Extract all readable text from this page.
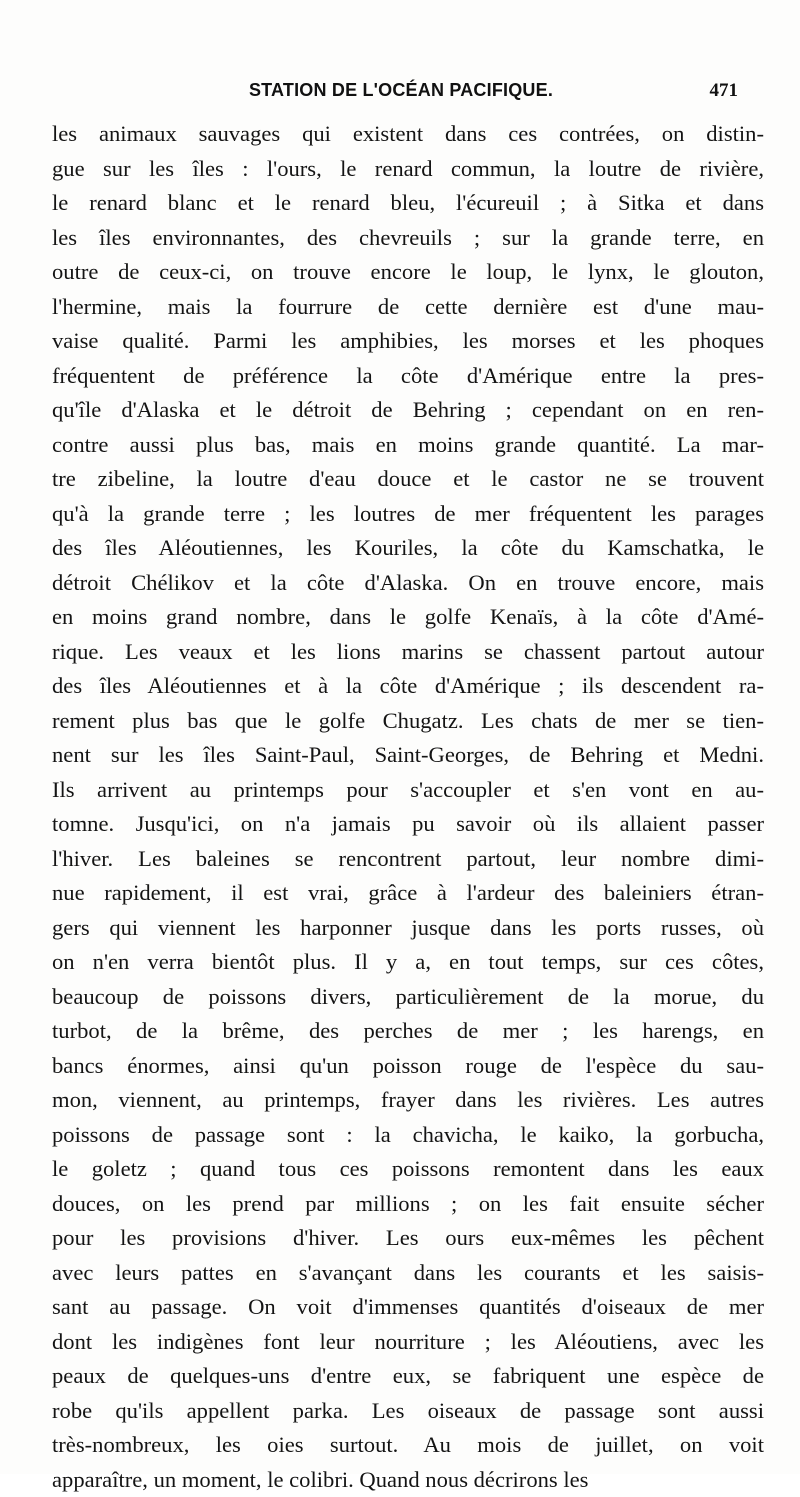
STATION DE L'OCÉAN PACIFIQUE.	471
les animaux sauvages qui existent dans ces contrées, on distin-
gue sur les îles : l'ours, le renard commun, la loutre de rivière,
le renard blanc et le renard bleu, l'écureuil ; à Sitka et dans
les îles environnantes, des chevreuils ; sur la grande terre, en
outre de ceux-ci, on trouve encore le loup, le lynx, le glouton,
l'hermine, mais la fourrure de cette dernière est d'une mau-
vaise qualité. Parmi les amphibies, les morses et les phoques
fréquentent de préférence la côte d'Amérique entre la pres-
qu'île d'Alaska et le détroit de Behring ; cependant on en ren-
contre aussi plus bas, mais en moins grande quantité. La mar-
tre zibeline, la loutre d'eau douce et le castor ne se trouvent
qu'à la grande terre ; les loutres de mer fréquentent les parages
des îles Aléoutiennes, les Kouriles, la côte du Kamschatka, le
détroit Chélikov et la côte d'Alaska. On en trouve encore, mais
en moins grand nombre, dans le golfe Kenaïs, à la côte d'Amé-
rique. Les veaux et les lions marins se chassent partout autour
des îles Aléoutiennes et à la côte d'Amérique ; ils descendent ra-
rement plus bas que le golfe Chugatz. Les chats de mer se tien-
nent sur les îles Saint-Paul, Saint-Georges, de Behring et Medni.
Ils arrivent au printemps pour s'accoupler et s'en vont en au-
tomne. Jusqu'ici, on n'a jamais pu savoir où ils allaient passer
l'hiver. Les baleines se rencontrent partout, leur nombre dimi-
nue rapidement, il est vrai, grâce à l'ardeur des baleiniers étran-
gers qui viennent les harponner jusque dans les ports russes, où
on n'en verra bientôt plus. Il y a, en tout temps, sur ces côtes,
beaucoup de poissons divers, particulièrement de la morue, du
turbot, de la brême, des perches de mer ; les harengs, en
bancs énormes, ainsi qu'un poisson rouge de l'espèce du sau-
mon, viennent, au printemps, frayer dans les rivières. Les autres
poissons de passage sont : la chavicha, le kaiko, la gorbucha,
le goletz ; quand tous ces poissons remontent dans les eaux
douces, on les prend par millions ; on les fait ensuite sécher
pour les provisions d'hiver. Les ours eux-mêmes les pêchent
avec leurs pattes en s'avançant dans les courants et les saisis-
sant au passage. On voit d'immenses quantités d'oiseaux de mer
dont les indigènes font leur nourriture ; les Aléoutiens, avec les
peaux de quelques-uns d'entre eux, se fabriquent une espèce de
robe qu'ils appellent parka. Les oiseaux de passage sont aussi
très-nombreux, les oies surtout. Au mois de juillet, on voit
apparaître, un moment, le colibri. Quand nous décrirons les
